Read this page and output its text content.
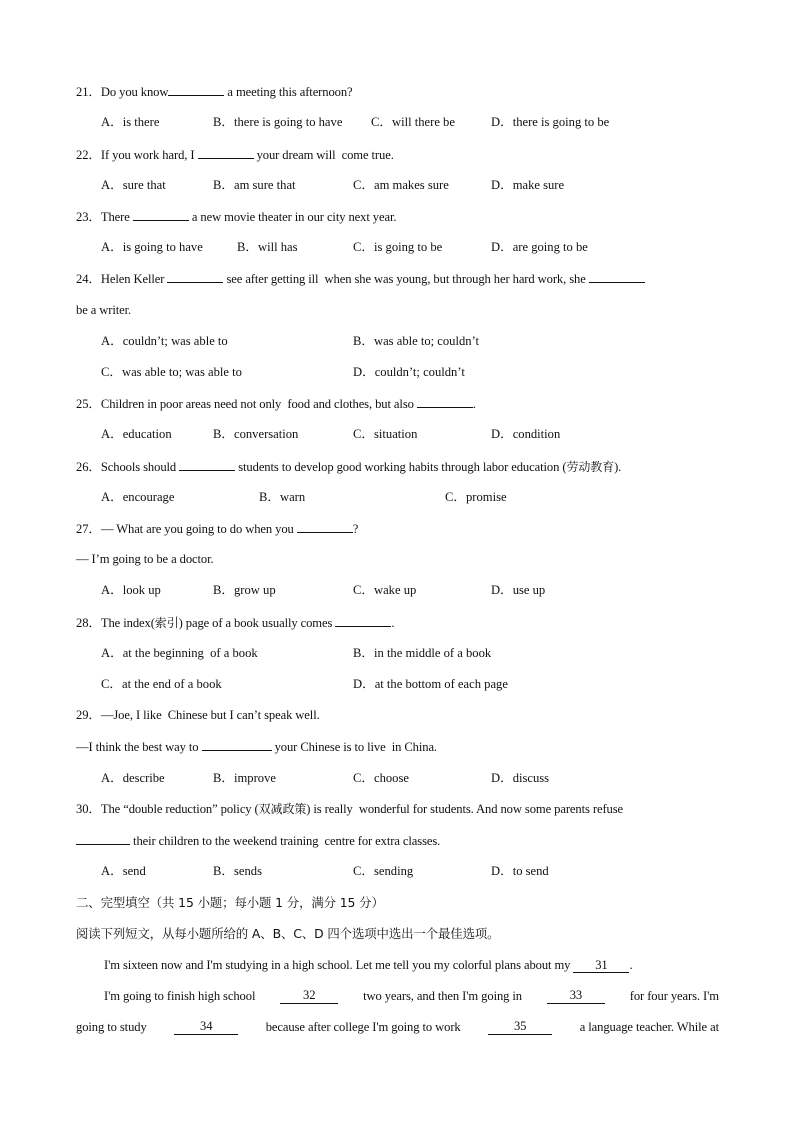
21．Do you know	a meeting this afternoon?
A．is there	B．there is going to have C．will there be	D．there is going to be
22．If you work hard, I	your dream will  come true.
A．sure that	B．am sure that	C．am makes sure	D．make sure
23．There	a new movie theater in our city next year.
A．is going to have	B．will has	C．is going to be	D．are going to be
24．Helen Keller	see after getting ill  when she was young, but through her hard work, she
be a writer.
A．couldn’t; was able to	B．was able to; couldn’t
C．was able to; was able to	D．couldn’t; couldn’t
25．Children in poor areas need not only  food and clothes, but also	.
A．education	B．conversation	C．situation	D．condition
26．Schools should	students to develop good working habits through labor education (劳动教育).
A．encourage	B．warn	C．promise
27．— What are you going to do when you	?
— I’m going to be a doctor.
A．look up	B．grow up	C．wake up	D．use up
28．The index(索引) page of a book usually comes	.
A．at the beginning  of a book	B．in the middle of a book
C．at the end of a book	D．at the bottom of each page
29．—Joe, I like  Chinese but I can’t speak well.
—I think the best way to	your Chinese is to live  in China.
A．describe	B．improve	C．choose	D．discuss
30．The “double reduction” policy (双减政策) is really  wonderful for students. And now some parents refuse
their children to the weekend training  centre for extra classes.
A．send	B．sends	C．sending	D．to send
二、完型填空（共 15 小题；每小题 1 分，满分 15 分）
阅读下列短文，从每小题所给的 A、B、C、D 四个选项中选出一个最佳选项。
I'm sixteen now and I'm studying in a high school. Let me tell you my colorful plans about my 31 .
I'm going to finish high school	32	two years, and then I'm going in	33	for four years. I'm
going to study	34	because after college I'm going to work	35	a language teacher. While at
